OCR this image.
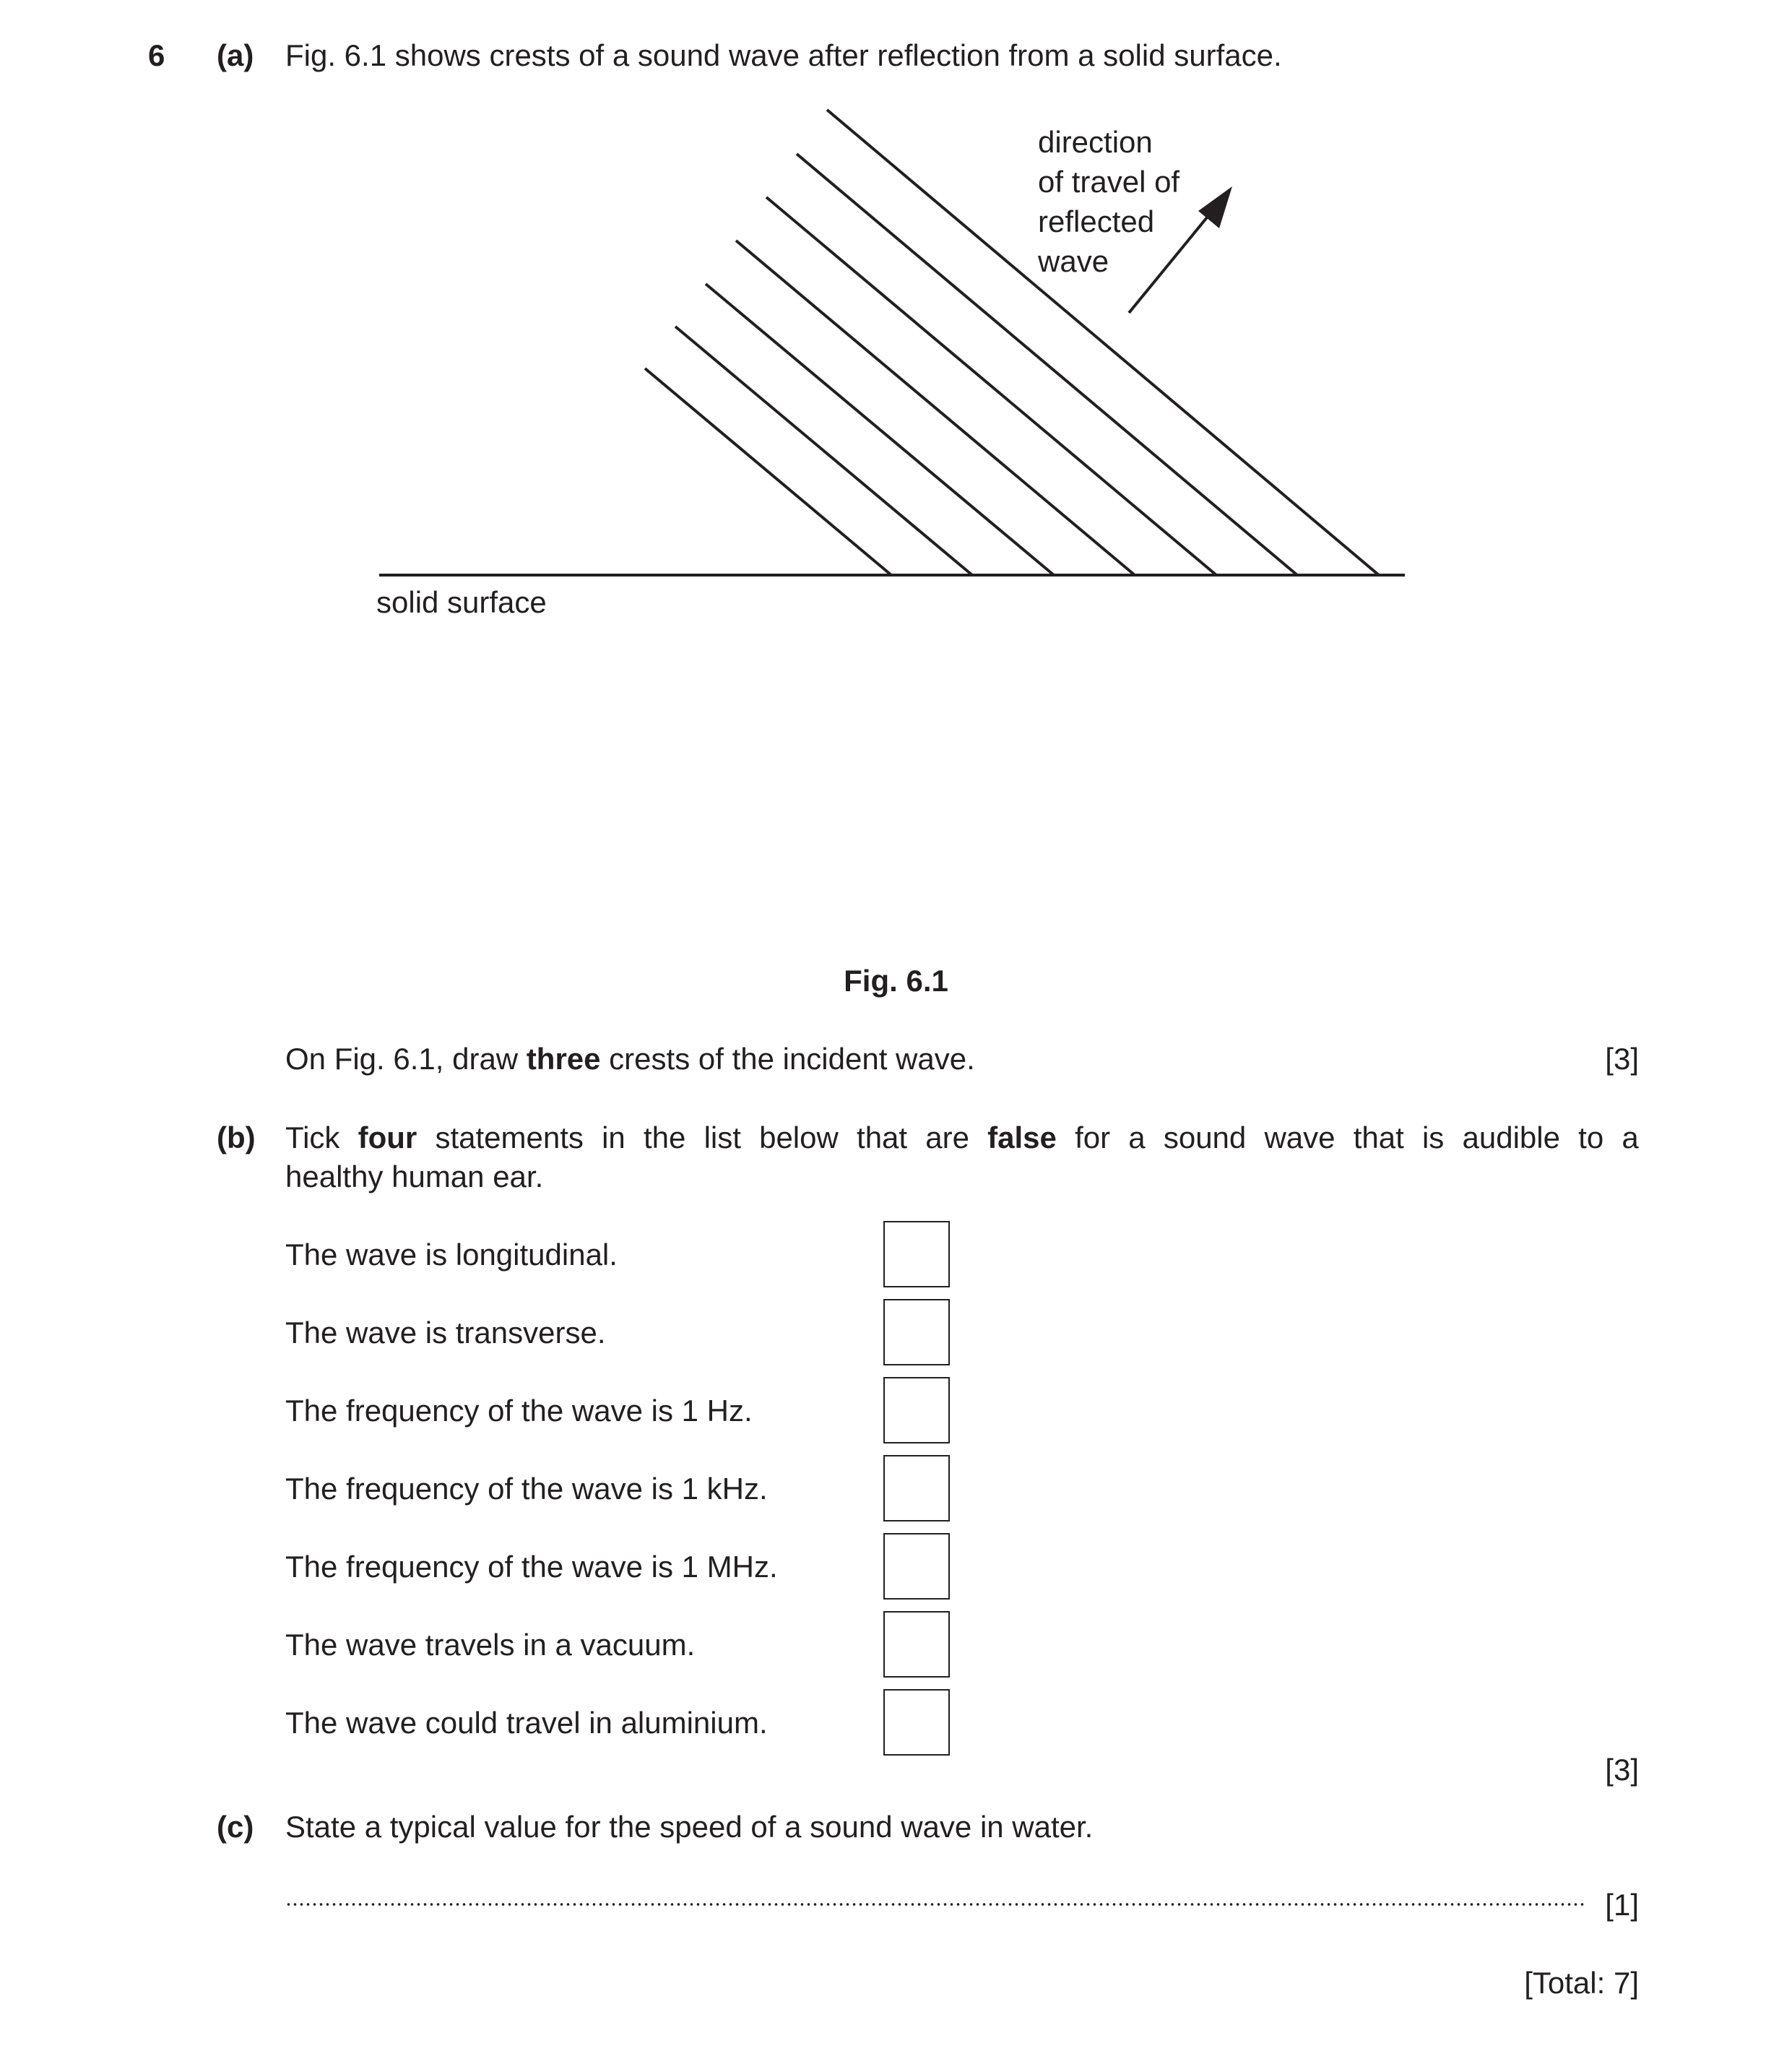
6 (a) Fig. 6.1 shows crests of a sound wave after reflection from a solid surface.

direction
of travel of
reflected
wave

solid surface

Fig. 6.1

On Fig. 6.1, draw three crests of the incident wave.	[3]

(b) Tick four statements in the list below that are false for a sound wave that is audible to a

healthy human ear.

The wave is longitudinal.

The wave is transverse.

The frequency of the wave is 1 Hz.

The frequency of the wave is 1 kHz.

The frequency of the wave is 1 MHz.

The wave travels in a vacuum.

The wave could travel in aluminium.

[3]

(c) State a typical value for the speed of a sound wave in water.

[1]

[Total: 7]
